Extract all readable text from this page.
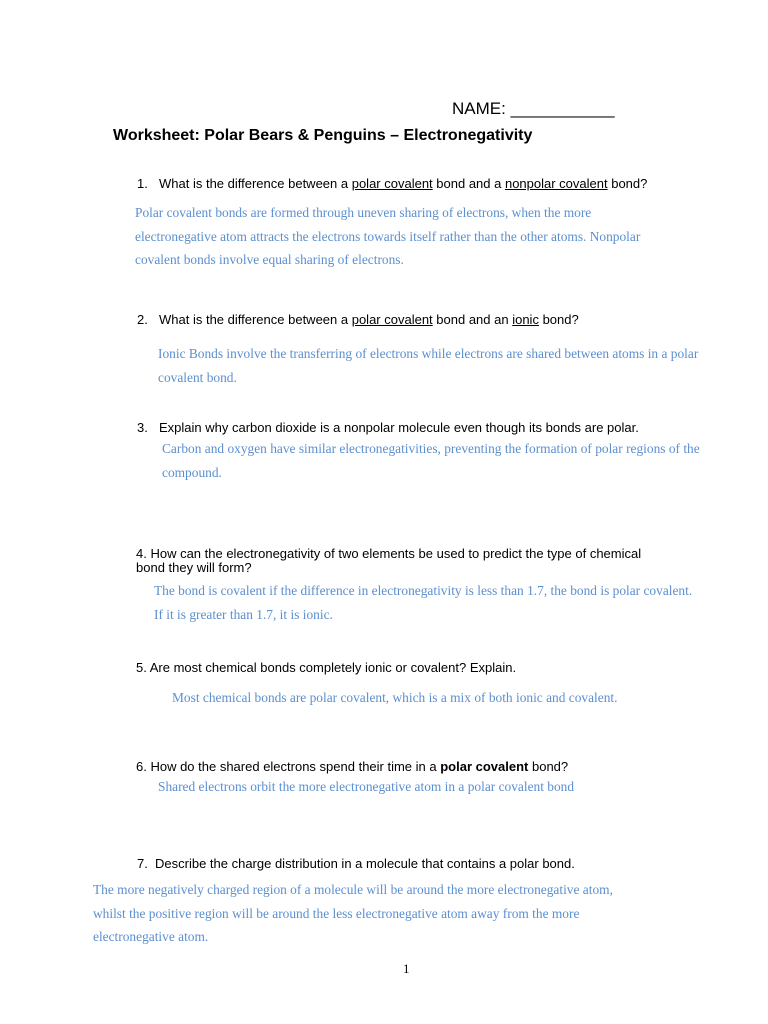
NAME: ___________
Worksheet: Polar Bears & Penguins – Electronegativity
1. What is the difference between a polar covalent bond and a nonpolar covalent bond?
Polar covalent bonds are formed through uneven sharing of electrons, when the more
electronegative atom attracts the electrons towards itself rather than the other atoms. Nonpolar
covalent bonds involve equal sharing of electrons.
2. What is the difference between a polar covalent bond and an ionic bond?
Ionic Bonds involve the transferring of electrons while electrons are shared between atoms in a polar
covalent bond.
3. Explain why carbon dioxide is a nonpolar molecule even though its bonds are polar.
Carbon and oxygen have similar electronegativities, preventing the formation of polar regions of the
compound.
4. How can the electronegativity of two elements be used to predict the type of chemical
bond they will form?
The bond is covalent if the difference in electronegativity is less than 1.7, the bond is polar covalent.
If it is greater than 1.7, it is ionic.
5. Are most chemical bonds completely ionic or covalent? Explain.
Most chemical bonds are polar covalent, which is a mix of both ionic and covalent.
6. How do the shared electrons spend their time in a polar covalent bond?
Shared electrons orbit the more electronegative atom in a polar covalent bond
7. Describe the charge distribution in a molecule that contains a polar bond.
The more negatively charged region of a molecule will be around the more electronegative atom,
whilst the positive region will be around the less electronegative atom away from the more
electronegative atom.
1
